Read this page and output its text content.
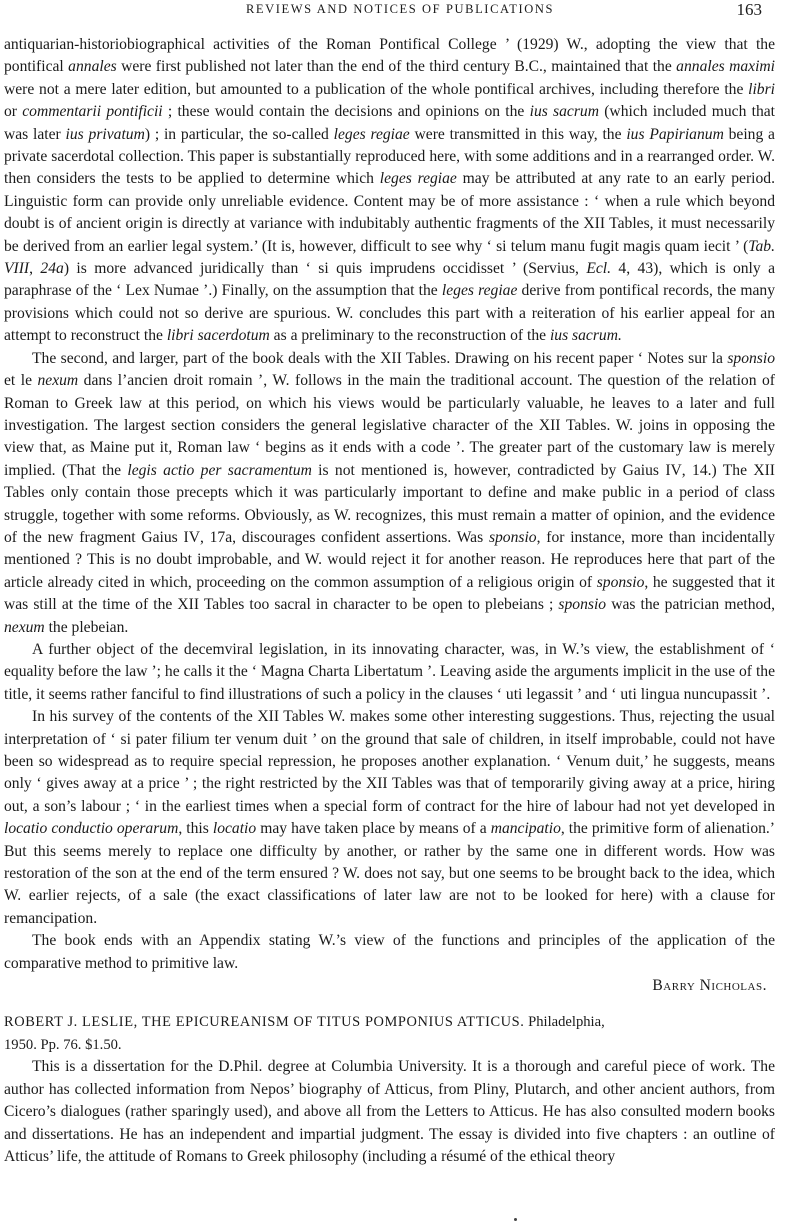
REVIEWS AND NOTICES OF PUBLICATIONS	163

antiquarian-historiobiographical activities of the Roman Pontifical College ’ (1929) W., adopting the view that the pontifical annales were first published not later than the end of the third century B.C., maintained that the annales maximi were not a mere later edition, but amounted to a publication of the whole pontifical archives, including therefore the libri or commentarii pontificii ; these would contain the decisions and opinions on the ius sacrum (which included much that was later ius privatum) ; in particular, the so-called leges regiae were transmitted in this way, the ius Papirianum being a private sacerdotal collection. This paper is substantially reproduced here, with some additions and in a rearranged order. W. then considers the tests to be applied to determine which leges regiae may be attributed at any rate to an early period. Linguistic form can provide only unreliable evidence. Content may be of more assistance : ‘ when a rule which beyond doubt is of ancient origin is directly at variance with indubitably authentic fragments of the XII Tables, it must necessarily be derived from an earlier legal system.’ (It is, however, difficult to see why ‘ si telum manu fugit magis quam iecit ’ (Tab. VIII, 24a) is more advanced juridically than ‘ si quis imprudens occidisset ’ (Servius, Ecl. 4, 43), which is only a paraphrase of the ‘ Lex Numae ’.) Finally, on the assumption that the leges regiae derive from pontifical records, the many provisions which could not so derive are spurious. W. concludes this part with a reiteration of his earlier appeal for an attempt to reconstruct the libri sacerdotum as a preliminary to the reconstruction of the ius sacrum.

The second, and larger, part of the book deals with the XII Tables. Drawing on his recent paper ‘ Notes sur la sponsio et le nexum dans l’ancien droit romain ’, W. follows in the main the traditional account. The question of the relation of Roman to Greek law at this period, on which his views would be particularly valuable, he leaves to a later and full investigation. The largest section considers the general legislative character of the XII Tables. W. joins in opposing the view that, as Maine put it, Roman law ‘ begins as it ends with a code ’. The greater part of the customary law is merely implied. (That the legis actio per sacramentum is not mentioned is, however, contradicted by Gaius IV, 14.) The XII Tables only contain those precepts which it was particularly important to define and make public in a period of class struggle, together with some reforms. Obviously, as W. recognizes, this must remain a matter of opinion, and the evidence of the new fragment Gaius IV, 17a, discourages confident assertions. Was sponsio, for instance, more than incidentally mentioned ? This is no doubt improbable, and W. would reject it for another reason. He reproduces here that part of the article already cited in which, proceeding on the common assumption of a religious origin of sponsio, he suggested that it was still at the time of the XII Tables too sacral in character to be open to plebeians ; sponsio was the patrician method, nexum the plebeian.

A further object of the decemviral legislation, in its innovating character, was, in W.’s view, the establishment of ‘ equality before the law ’; he calls it the ‘ Magna Charta Libertatum ’. Leaving aside the arguments implicit in the use of the title, it seems rather fanciful to find illustrations of such a policy in the clauses ‘ uti legassit ’ and ‘ uti lingua nuncupassit ’.

In his survey of the contents of the XII Tables W. makes some other interesting suggestions. Thus, rejecting the usual interpretation of ‘ si pater filium ter venum duit ’ on the ground that sale of children, in itself improbable, could not have been so widespread as to require special repression, he proposes another explanation. ‘ Venum duit,’ he suggests, means only ‘ gives away at a price ’ ; the right restricted by the XII Tables was that of temporarily giving away at a price, hiring out, a son’s labour ; ‘ in the earliest times when a special form of contract for the hire of labour had not yet developed in locatio conductio operarum, this locatio may have taken place by means of a mancipatio, the primitive form of alienation.’ But this seems merely to replace one difficulty by another, or rather by the same one in different words. How was restoration of the son at the end of the term ensured ? W. does not say, but one seems to be brought back to the idea, which W. earlier rejects, of a sale (the exact classifications of later law are not to be looked for here) with a clause for remancipation.

The book ends with an Appendix stating W.’s view of the functions and principles of the application of the comparative method to primitive law.

Barry Nicholas.

ROBERT J. LESLIE, THE EPICUREANISM OF TITUS POMPONIUS ATTICUS. Philadelphia,
1950. Pp. 76. $1.50.

This is a dissertation for the D.Phil. degree at Columbia University. It is a thorough and careful piece of work. The author has collected information from Nepos’ biography of Atticus, from Pliny, Plutarch, and other ancient authors, from Cicero’s dialogues (rather sparingly used), and above all from the Letters to Atticus. He has also consulted modern books and dissertations. He has an independent and impartial judgment. The essay is divided into five chapters : an outline of Atticus’ life, the attitude of Romans to Greek philosophy (including a résumé of the ethical theory
